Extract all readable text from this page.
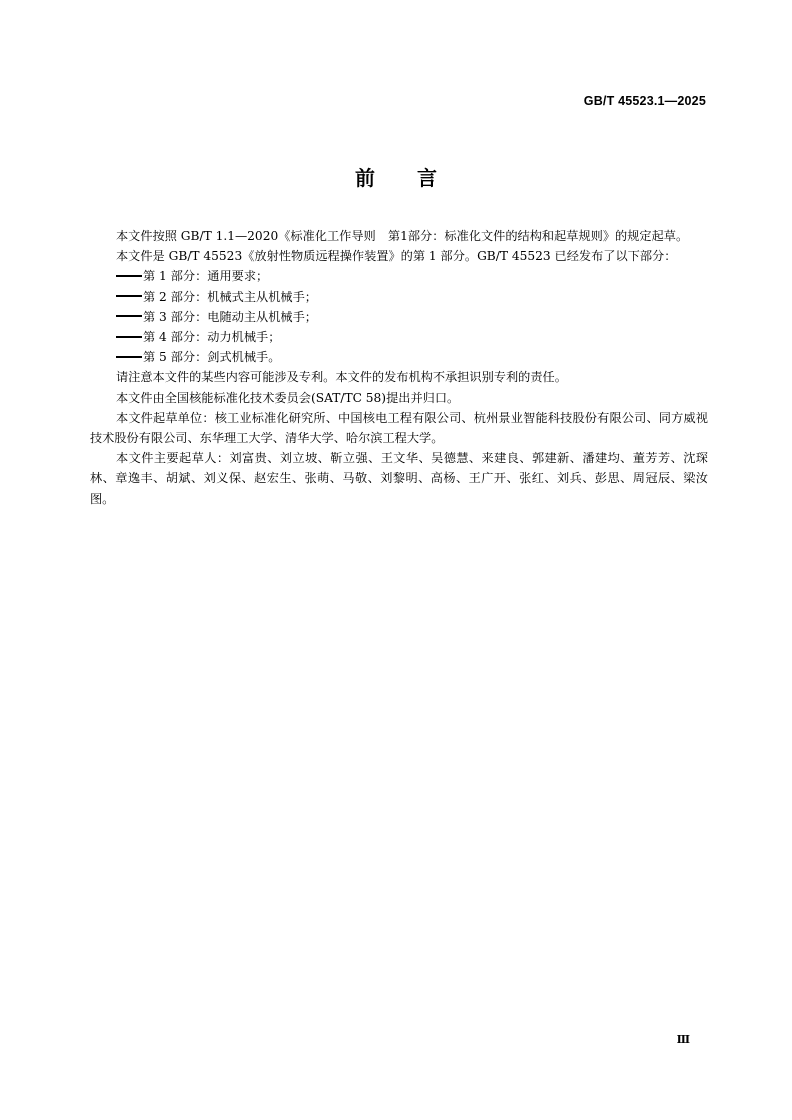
GB/T 45523.1—2025
前 言

本文件按照 GB/T 1.1—2020《标准化工作导则　第1部分：标准化文件的结构和起草规则》的规定起草。

本文件是 GB/T 45523《放射性物质远程操作装置》的第 1 部分。GB/T 45523 已经发布了以下部分：

第 1 部分：通用要求；

第 2 部分：机械式主从机械手；

第 3 部分：电随动主从机械手；

第 4 部分：动力机械手；

第 5 部分：剑式机械手。

请注意本文件的某些内容可能涉及专利。本文件的发布机构不承担识别专利的责任。

本文件由全国核能标准化技术委员会(SAT/TC 58)提出并归口。

本文件起草单位：核工业标准化研究所、中国核电工程有限公司、杭州景业智能科技股份有限公司、同方威视技术股份有限公司、东华理工大学、清华大学、哈尔滨工程大学。

本文件主要起草人：刘富贵、刘立坡、靳立强、王文华、吴德慧、来建良、郭建新、潘建均、董芳芳、沈琛林、章逸丰、胡斌、刘义保、赵宏生、张萌、马敬、刘黎明、高杨、王广开、张红、刘兵、彭思、周冠辰、梁汝图。

Ⅲ
